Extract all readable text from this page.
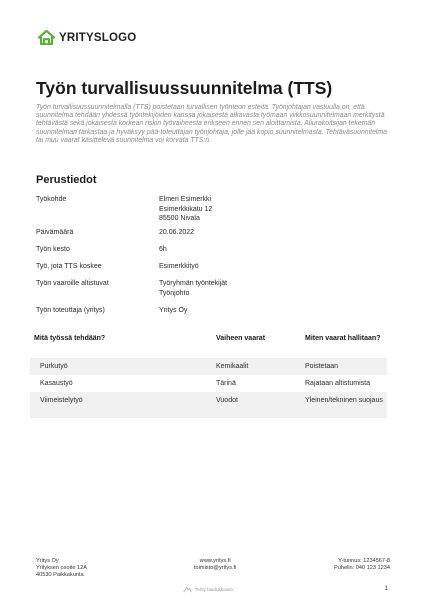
YRITYSLOGO
Työn turvallisuussuunnitelma (TTS)

Työn turvallisuussuunnitelmalla (TTS) poistetaan turvallisen työnteon esteitä. Työnjohtajan vastuulla on, että suunnitelma tehdään yhdessä työntekijöiden kanssa jokaisesta alkavasta työmaan viikkosuunnitelmaan merkitystä tehtävästä sekä jokaisesta korkean riskin työvaiheesta erikseen ennen sen aloittamista. Aliurakoitsijan tekemän suunnitelman tarkastaa ja hyväksyy pää-toteuttajan työnjohtaja, jolle jää kopio suunnitelmasta. Tehtäväsuunnitelma tai muu vaarat käsittelevä suunnitelma voi korvata TTS:n.

Perustiedot
Työkohde	Elmeri Esimerkki
Esimerkkikatu 12
85500 Nivala
Päivämäärä	20.06.2022
Työn kesto	6h
Työ, jota TTS koskee	Esimerkkityö
Työn vaaroille altistuvat	Työryhmän työntekijät
Työnjohto
Työn toteuttaja (yritys)	Yritys Oy
Mitä työssä tehdään?	Vaiheen vaarat	Miten vaarat hallitaan?
Purkutyö	Kemikaalit	Poistetaan
Kasaustyö	Tärinä	Rajataan altistumista
Viimeistelytyö	Vuodot	Yleinen/tekninen suojaus
Yritys Oy
Yrityksen osoite 12A
40530 Paikkakunta
www.yritys.fi
toimisto@yritys.fi
Y-tunnus: 1234567-8
Puhelin: 040 123 1234
Tehty laadukkaasti	1
